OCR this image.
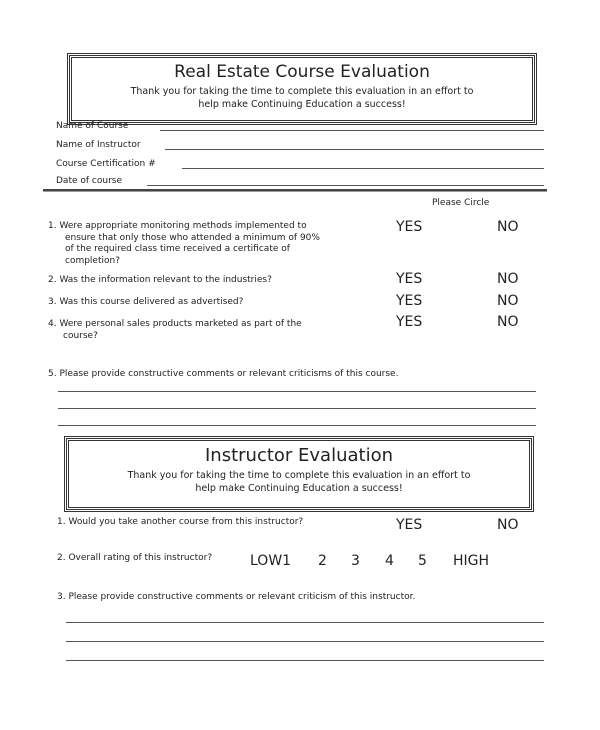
Real Estate Course Evaluation
Thank you for taking the time to complete this evaluation in an effort to
help make Continuing Education a success!
Name of Course
Name of Instructor
Course Certification #
Date of course
Please Circle
1. Were appropriate monitoring methods implemented to
ensure that only those who attended a minimum of 90%
of the required class time received a certificate of
completion?
YES	NO
2. Was the information relevant to the industries?	YES	NO
3. Was this course delivered as advertised?	YES	NO
4. Were personal sales products marketed as part of the
course?
YES	NO
5. Please provide constructive comments or relevant criticisms of this course.
Instructor Evaluation
Thank you for taking the time to complete this evaluation in an effort to
help make Continuing Education a success!
1. Would you take another course from this instructor?	YES	NO
2. Overall rating of this instructor?	LOW1 2 3 4 5 HIGH
3. Please provide constructive comments or relevant criticism of this instructor.
